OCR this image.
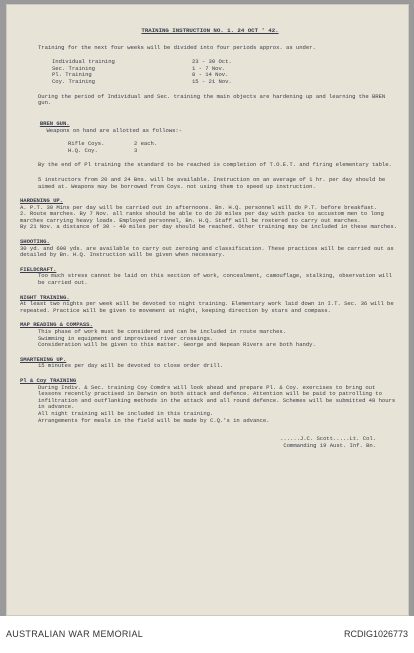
TRAINING INSTRUCTION NO. 1. 24 OCT ' 42.

Training for the next four weeks will be divided into four periods approx. as under.

Individual training	23 - 30 Oct.
Sec. Training	1 - 7 Nov.
Pl. Training	8 - 14 Nov.
Coy. Training	15 - 21 Nov.

During the period of Individual and Sec. training the main objects are hardening up and learning the BREN gun.

BREN GUN.
Weapons on hand are allotted as follows:-

Rifle Coys.	2 each.
H.Q. Coy.	3

By the end of Pl training the standard to be reached is completion of T.O.E.T. and firing elementary table.

5 instructors from 20 and 24 Bns. will be available. Instruction on an average of 1 hr. per day should be aimed at. Weapons may be borrowed from Coys. not using them to speed up instruction.

HARDENING UP.

A. P.T. 30 Mins per day will be carried out in afternoons. Bn. H.Q. personnel will do P.T. before breakfast.

2. Route marches. By 7 Nov. all ranks should be able to do 20 miles per day with packs to accustom men to long marches carrying heavy loads. Employed personnel, Bn. H.Q. Staff will be rostered to carry out marches.

By 21 Nov. a distance of 30 - 40 miles per day should be reached. Other training may be included in these marches.

SHOOTING.

30 yd. and 600 yds. are available to carry out zeroing and classification. These practices will be carried out as detailed by Bn. H.Q. Instruction will be given when necessary.

FIELDCRAFT.

Too much stress cannot be laid on this section of work, concealment, camouflage, stalking, observation will be carried out.

NIGHT TRAINING.

At least two nights per week will be devoted to night training. Elementary work laid down in I.T. Sec. 36 will be repeated. Practice will be given to movement at night, keeping direction by stars and compass.

MAP READING & COMPASS.

This phase of work must be considered and can be included in route marches.

Swimming in equipment and improvised river crossings.

Consideration will be given to this matter. George and Nepean Rivers are both handy.

SMARTENING UP.

15 minutes per day will be devoted to close order drill.

Pl & Coy TRAINING

During Indiv. & Sec. training Coy Comdrs will look ahead and prepare Pl. & Coy. exercises to bring out lessons recently practised in Darwin on both attack and defence. Attention will be paid to patrolling to infiltration and outflanking methods in the attack and all round defence. Schemes will be submitted 48 hours in advance.

All night training will be included in this training.

Arrangements for meals in the field will be made by C.Q.'s in advance.

......J.C. Scott.....Lt. Col.

Commanding 19 Aust. Inf. Bn.

AUSTRALIAN WAR MEMORIAL	RCDIG1026773
